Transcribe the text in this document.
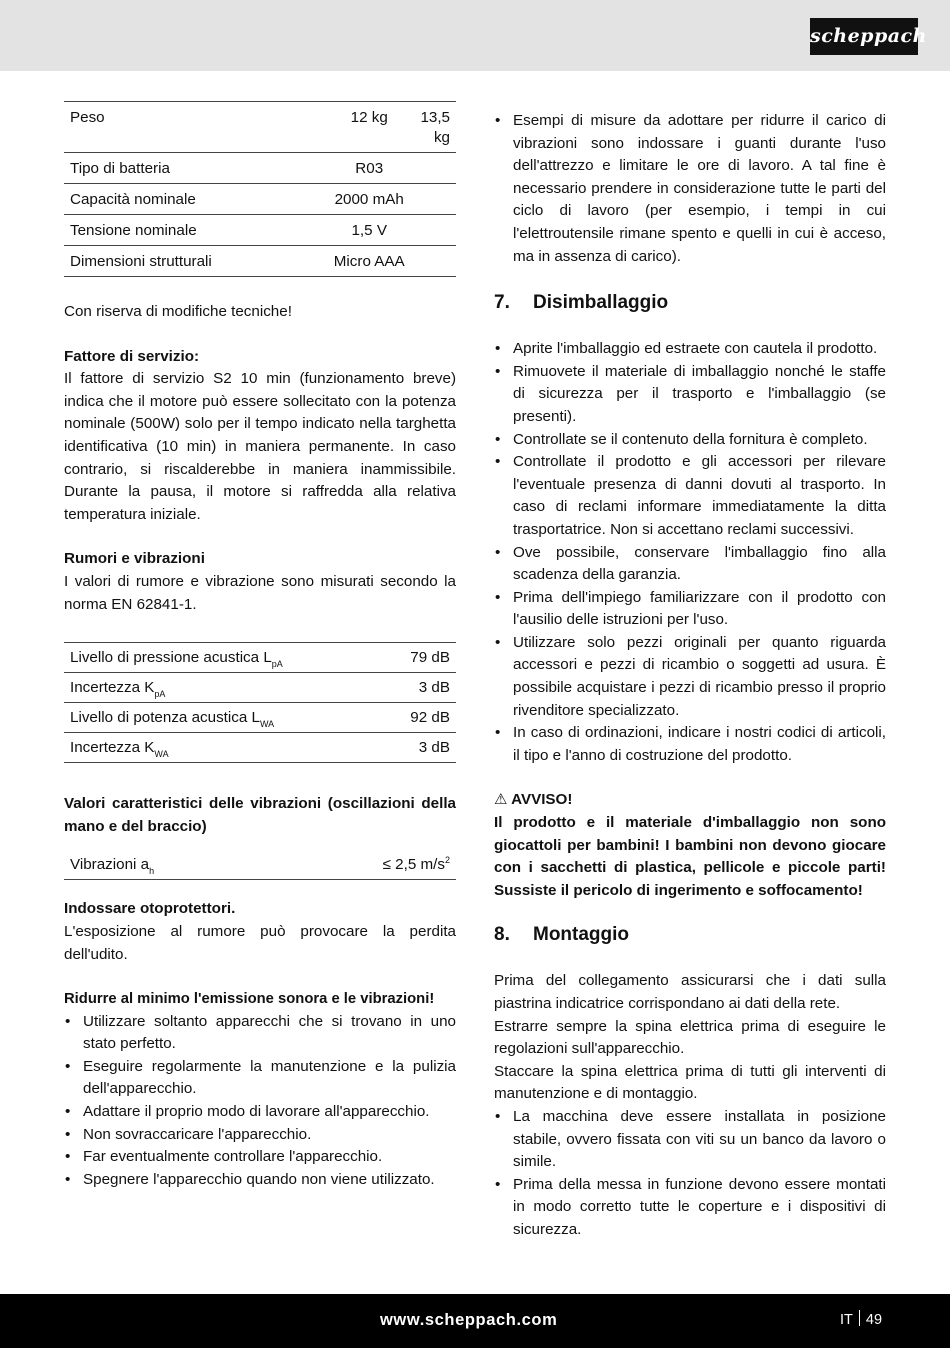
scheppach
Peso	12 kg	13,5 kg
Tipo di batteria	R03	
Capacità nominale	2000 mAh	
Tensione nominale	1,5 V	
Dimensioni strutturali	Micro AAA	

Con riserva di modifiche tecniche!

Fattore di servizio:

Il fattore di servizio S2 10 min (funzionamento breve) indica che il motore può essere sollecitato con la potenza nominale (500W) solo per il tempo indicato nella targhetta identificativa (10 min) in maniera permanente. In caso contrario, si riscalderebbe in maniera inammissibile. Durante la pausa, il motore si raffredda alla relativa temperatura iniziale.

Rumori e vibrazioni

I valori di rumore e vibrazione sono misurati secondo la norma EN 62841-1.

Livello di pressione acustica $L_{pA}$	79 dB
Incertezza $K_{pA}$	3 dB
Livello di potenza acustica $L_{WA}$	92 dB
Incertezza $K_{WA}$	3 dB

Valori caratteristici delle vibrazioni (oscillazioni della mano e del braccio)

Vibrazioni $a_h$	≤ 2,5 $m/s^2$

Indossare otoprotettori.

L'esposizione al rumore può provocare la perdita dell'udito.

Ridurre al minimo l'emissione sonora e le vibrazioni!

• Utilizzare soltanto apparecchi che si trovano in uno stato perfetto.
• Eseguire regolarmente la manutenzione e la pulizia dell'apparecchio.
• Adattare il proprio modo di lavorare all'apparecchio.
• Non sovraccaricare l'apparecchio.
• Far eventualmente controllare l'apparecchio.
• Spegnere l'apparecchio quando non viene utilizzato.
• Esempi di misure da adottare per ridurre il carico di vibrazioni sono indossare i guanti durante l'uso dell'attrezzo e limitare le ore di lavoro. A tal fine è necessario prendere in considerazione tutte le parti del ciclo di lavoro (per esempio, i tempi in cui l'elettroutensile rimane spento e quelli in cui è acceso, ma in assenza di carico).
7. Disimballaggio
• Aprite l'imballaggio ed estraete con cautela il prodotto.
• Rimuovete il materiale di imballaggio nonché le staffe di sicurezza per il trasporto e l'imballaggio (se presenti).
• Controllate se il contenuto della fornitura è completo.
• Controllate il prodotto e gli accessori per rilevare l'eventuale presenza di danni dovuti al trasporto. In caso di reclami informare immediatamente la ditta trasportatrice. Non si accettano reclami successivi.
• Ove possibile, conservare l'imballaggio fino alla scadenza della garanzia.
• Prima dell'impiego familiarizzare con il prodotto con l'ausilio delle istruzioni per l'uso.
• Utilizzare solo pezzi originali per quanto riguarda accessori e pezzi di ricambio o soggetti ad usura. È possibile acquistare i pezzi di ricambio presso il proprio rivenditore specializzato.
• In caso di ordinazioni, indicare i nostri codici di articoli, il tipo e l'anno di costruzione del prodotto.

⚠ AVVISO!

Il prodotto e il materiale d'imballaggio non sono giocattoli per bambini! I bambini non devono giocare con i sacchetti di plastica, pellicole e piccole parti! Sussiste il pericolo di ingerimento e soffocamento!

8. Montaggio

Prima del collegamento assicurarsi che i dati sulla piastrina indicatrice corrispondano ai dati della rete.

Estrarre sempre la spina elettrica prima di eseguire le regolazioni sull'apparecchio.

Staccare la spina elettrica prima di tutti gli interventi di manutenzione e di montaggio.

• La macchina deve essere installata in posizione stabile, ovvero fissata con viti su un banco da lavoro o simile.
• Prima della messa in funzione devono essere montati in modo corretto tutte le coperture e i dispositivi di sicurezza.
www.scheppach.com	IT 49
